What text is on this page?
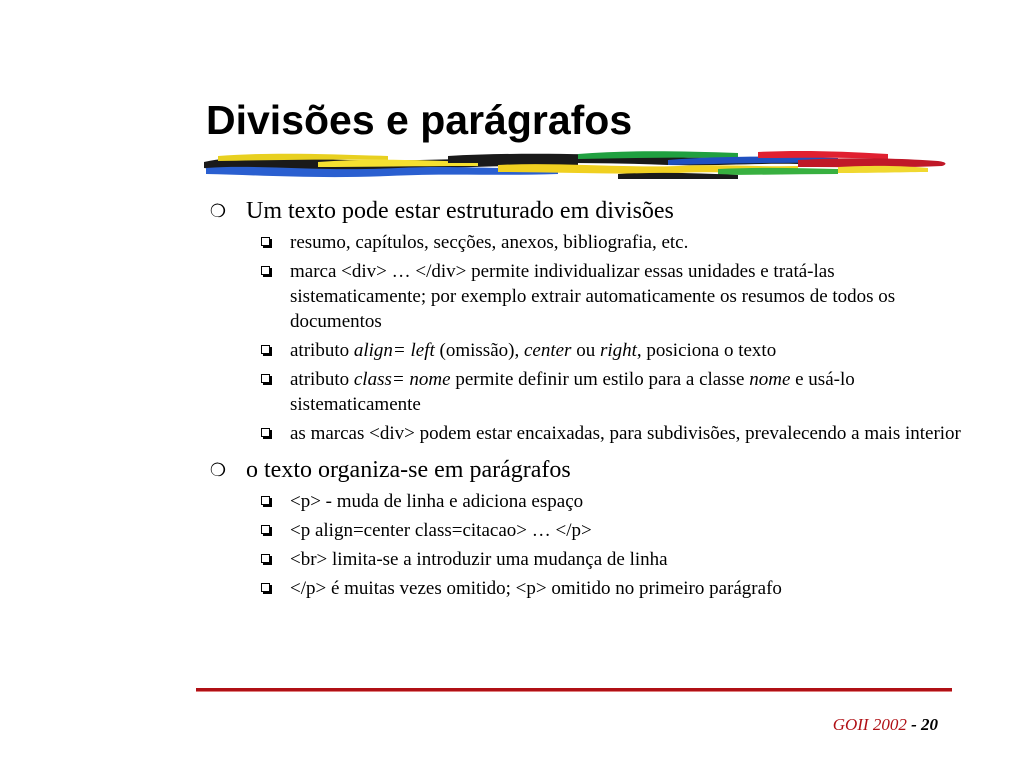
Divisões e parágrafos
❍ Um texto pode estar estruturado em divisões
resumo, capítulos, secções, anexos, bibliografia, etc.
marca <div> … </div> permite individualizar essas unidades e tratá-las sistematicamente; por exemplo extrair automaticamente os resumos de todos os documentos
atributo align= left (omissão), center ou right, posiciona o texto
atributo class= nome permite definir um estilo para a classe nome e usá-lo sistematicamente
as marcas <div> podem estar encaixadas, para subdivisões, prevalecendo a mais interior
❍ o texto organiza-se em parágrafos
<p> - muda de linha e adiciona espaço
<p align=center class=citacao> … </p>
<br> limita-se a introduzir uma mudança de linha
</p> é muitas vezes omitido; <p> omitido no primeiro parágrafo
GOII 2002 - 20
